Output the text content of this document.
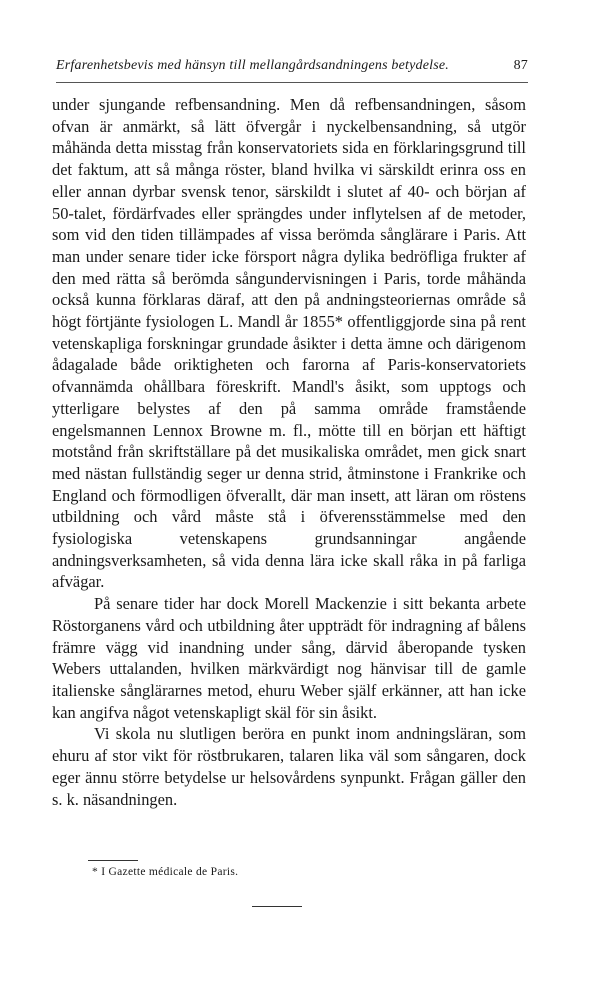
Erfarenhetsbevis med hänsyn till mellangårdsandningens betydelse.	87

under sjungande refbensandning. Men då refbensandningen, såsom ofvan är anmärkt, så lätt öfvergår i nyckelbensandning, så utgör måhända detta misstag från konservatoriets sida en förklaringsgrund till det faktum, att så många röster, bland hvilka vi särskildt erinra oss en eller annan dyrbar svensk tenor, särskildt i slutet af 40- och början af 50-talet, fördärfvades eller sprängdes under inflytelsen af de metoder, som vid den tiden tillämpades af vissa berömda sånglärare i Paris. Att man under senare tider icke försport några dylika bedröfliga frukter af den med rätta så berömda sångundervisningen i Paris, torde måhända också kunna förklaras däraf, att den på andningsteoriernas område så högt förtjänte fysiologen L. Mandl år 1855* offentliggjorde sina på rent vetenskapliga forskningar grundade åsikter i detta ämne och därigenom ådagalade både oriktigheten och farorna af Paris-konservatoriets ofvannämda ohållbara föreskrift. Mandl's åsikt, som upptogs och ytterligare belystes af den på samma område framstående engelsmannen Lennox Browne m. fl., mötte till en början ett häftigt motstånd från skriftställare på det musikaliska området, men gick snart med nästan fullständig seger ur denna strid, åtminstone i Frankrike och England och förmodligen öfverallt, där man insett, att läran om röstens utbildning och vård måste stå i öfverensstämmelse med den fysiologiska vetenskapens grundsanningar angående andningsverksamheten, så vida denna lära icke skall råka in på farliga afvägar.

På senare tider har dock Morell Mackenzie i sitt bekanta arbete Röstorganens vård och utbildning åter uppträdt för indragning af bålens främre vägg vid inandning under sång, därvid åberopande tysken Webers uttalanden, hvilken märkvärdigt nog hänvisar till de gamle italienske sånglärarnes metod, ehuru Weber själf erkänner, att han icke kan angifva något vetenskapligt skäl för sin åsikt.

Vi skola nu slutligen beröra en punkt inom andningsläran, som ehuru af stor vikt för röstbrukaren, talaren lika väl som sångaren, dock eger ännu större betydelse ur helsovårdens synpunkt. Frågan gäller den s. k. näsandningen.

* I Gazette médicale de Paris.
